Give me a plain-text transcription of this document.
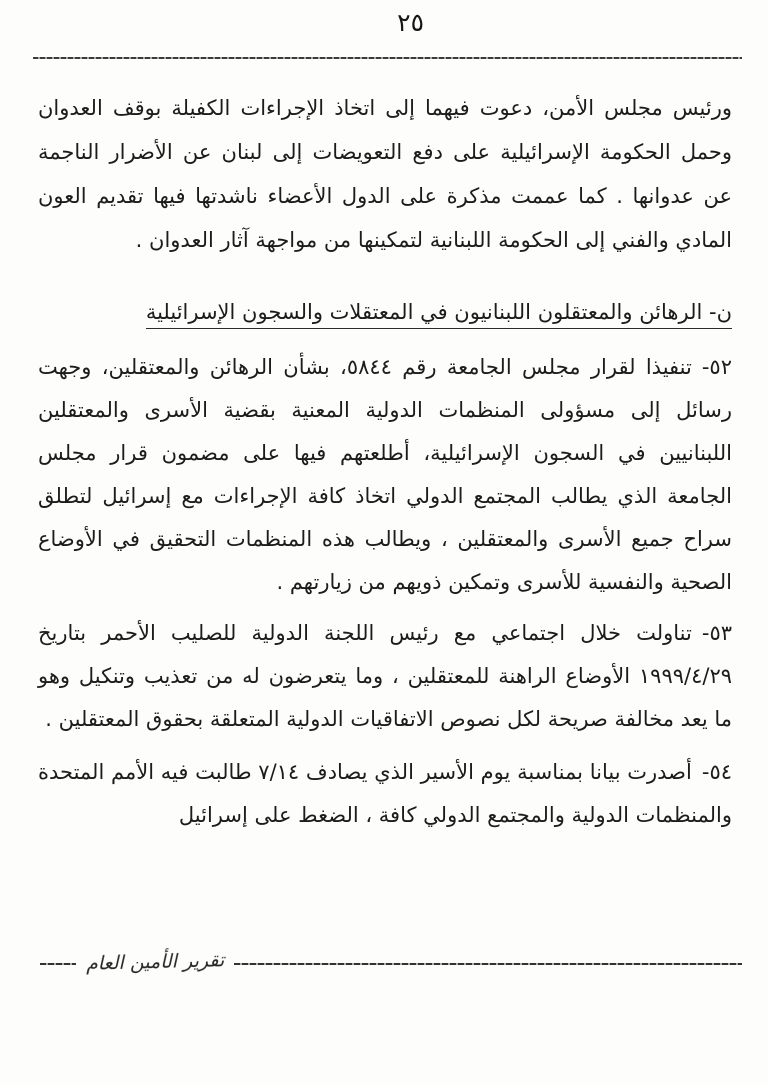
٢٥

ورئيس مجلس الأمن، دعوت فيهما إلى اتخاذ الإجراءات الكفيلة بوقف العدوان وحمل الحكومة الإسرائيلية على دفع التعويضات إلى لبنان عن الأضرار الناجمة عن عدوانها . كما عممت مذكرة على الدول الأعضاء ناشدتها فيها تقديم العون المادي والفني إلى الحكومة اللبنانية لتمكينها من مواجهة آثار العدوان .

ن- الرهائن والمعتقلون اللبنانيون في المعتقلات والسجون الإسرائيلية

٥٢-تنفيذا لقرار مجلس الجامعة رقم ٥٨٤٤، بشأن الرهائن والمعتقلين، وجهت رسائل إلى مسؤولى المنظمات الدولية المعنية بقضية الأسرى والمعتقلين اللبنانيين في السجون الإسرائيلية، أطلعتهم فيها على مضمون قرار مجلس الجامعة الذي يطالب المجتمع الدولي اتخاذ كافة الإجراءات مع إسرائيل لتطلق سراح جميع الأسرى والمعتقلين ، ويطالب هذه المنظمات التحقيق في الأوضاع الصحية والنفسية للأسرى وتمكين ذويهم من زيارتهم .

٥٣-تناولت خلال اجتماعي مع رئيس اللجنة الدولية للصليب الأحمر بتاريخ ١٩٩٩/٤/٢٩ الأوضاع الراهنة للمعتقلين ، وما يتعرضون له من تعذيب وتنكيل وهو ما يعد مخالفة صريحة لكل نصوص الاتفاقيات الدولية المتعلقة بحقوق المعتقلين .

٥٤-أصدرت بيانا بمناسبة يوم الأسير الذي يصادف ٧/١٤ طالبت فيه الأمم المتحدة والمنظمات الدولية والمجتمع الدولي كافة ، الضغط على إسرائيل

تقرير الأمين العام
